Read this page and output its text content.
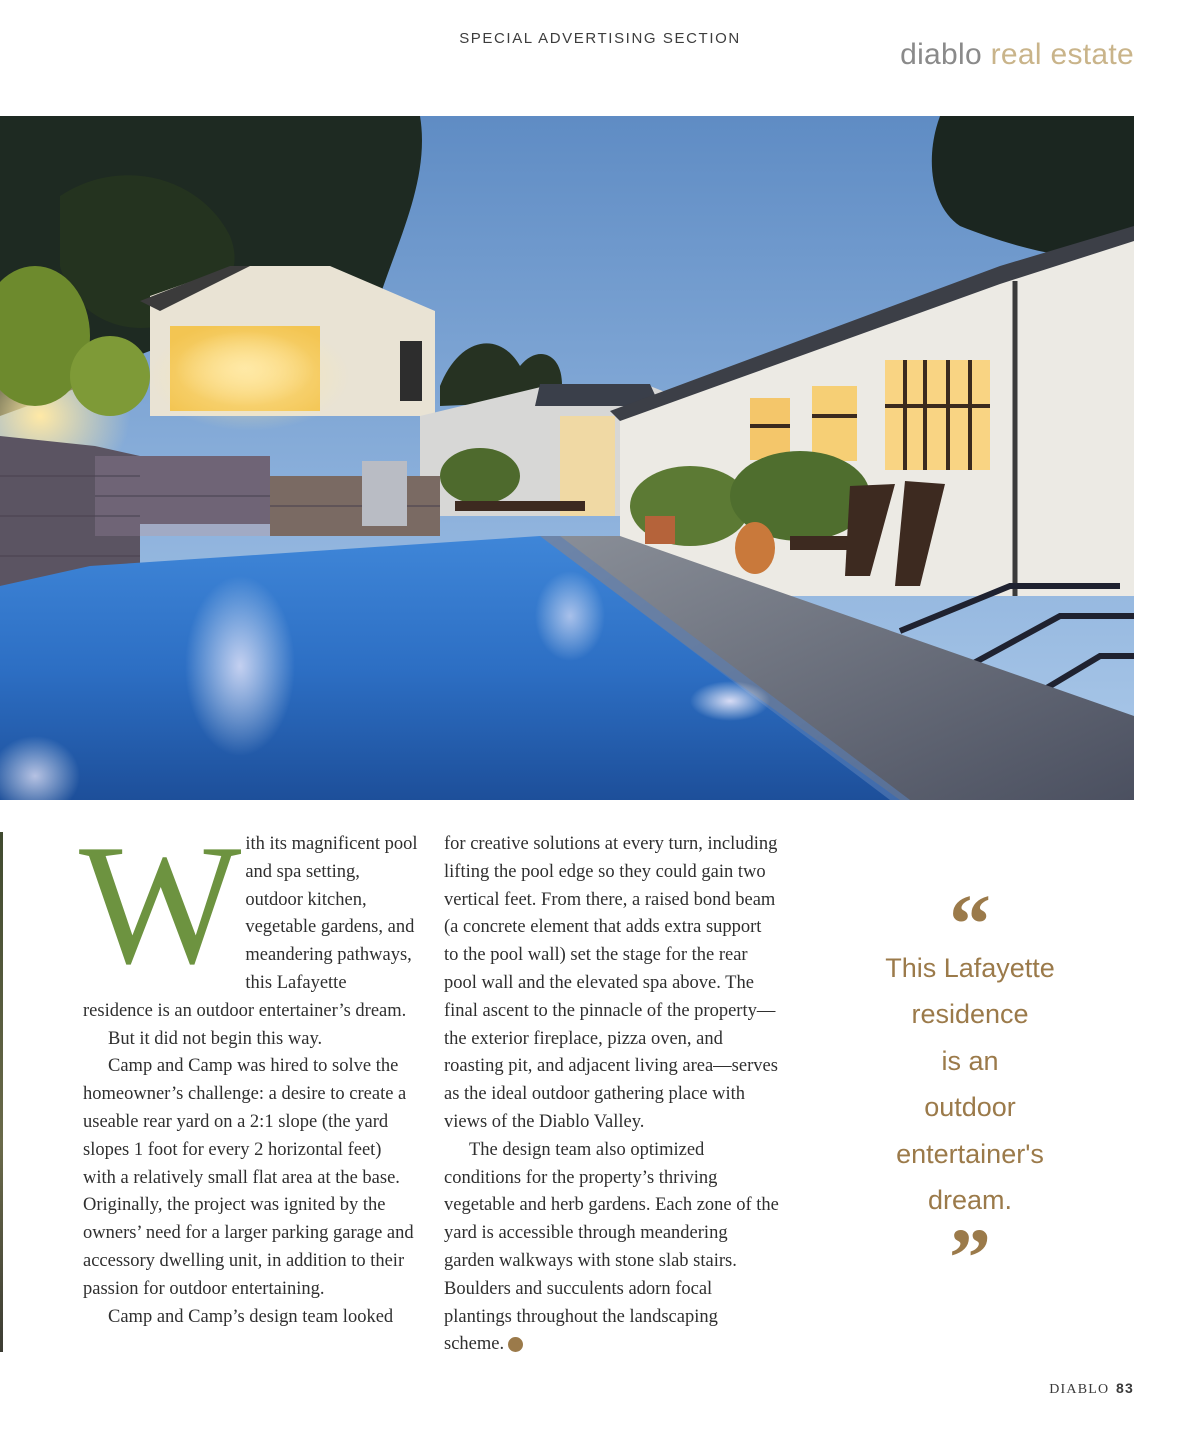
SPECIAL ADVERTISING SECTION	diablo real estate

With its magnificent pool and spa setting, outdoor kitchen, vegetable gardens, and meandering pathways, this Lafayette residence is an outdoor entertainer’s dream.

But it did not begin this way.

Camp and Camp was hired to solve the homeowner’s challenge: a desire to create a useable rear yard on a 2:1 slope (the yard slopes 1 foot for every 2 horizontal feet) with a relatively small flat area at the base. Originally, the project was ignited by the owners’ need for a larger parking garage and accessory dwelling unit, in addition to their passion for outdoor entertaining.

Camp and Camp’s design team looked

for creative solutions at every turn, including lifting the pool edge so they could gain two vertical feet. From there, a raised bond beam (a concrete element that adds extra support to the pool wall) set the stage for the rear pool wall and the elevated spa above. The final ascent to the pinnacle of the property—the exterior fireplace, pizza oven, and roasting pit, and adjacent living area—serves as the ideal outdoor gathering place with views of the Diablo Valley.

The design team also optimized conditions for the property’s thriving vegetable and herb gardens. Each zone of the yard is accessible through meandering garden walkways with stone slab stairs. Boulders and succulents adorn focal plantings throughout the landscaping scheme.	d

“
This Lafayette
residence
is an
outdoor
entertainer's
dream.
”
DIABLO 83
